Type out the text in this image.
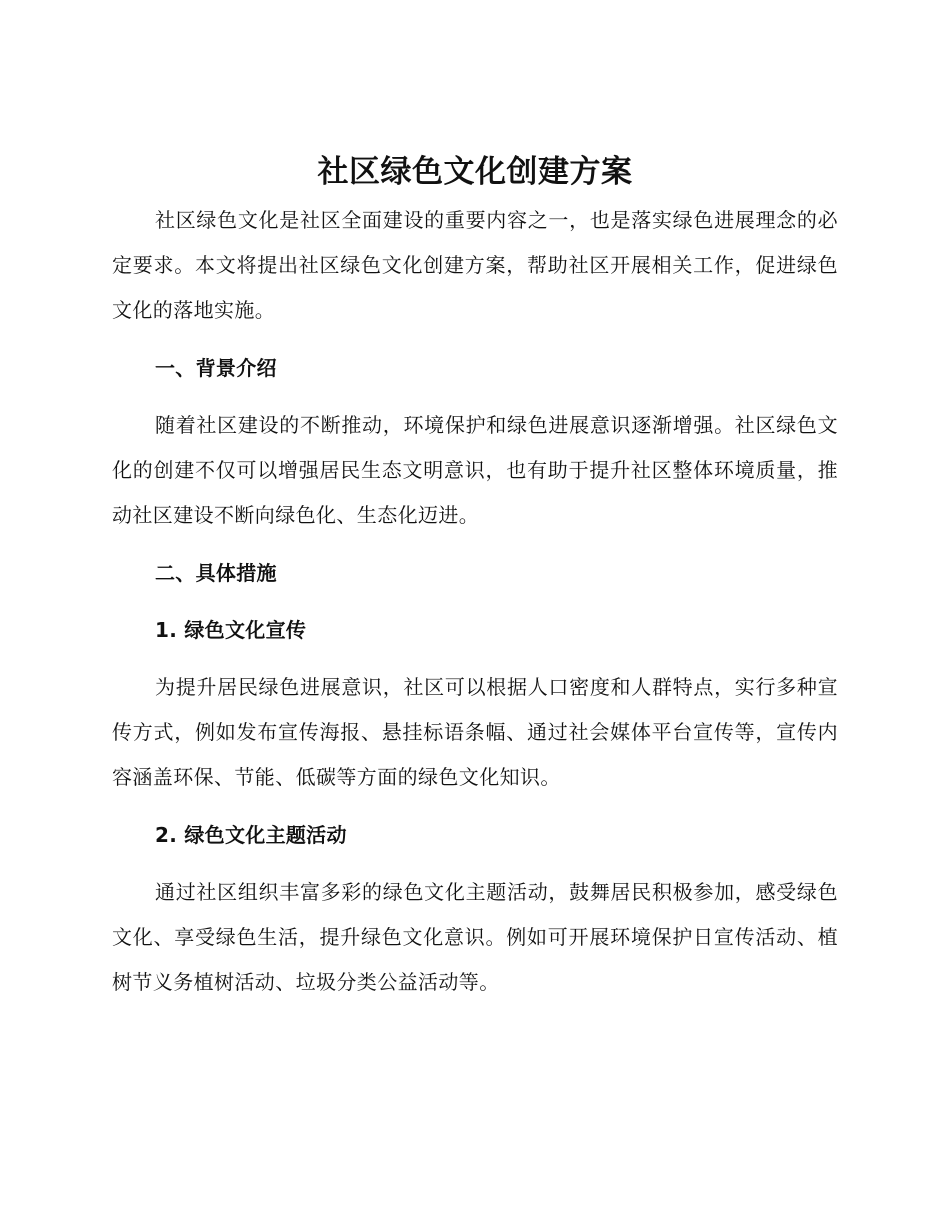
社区绿色文化创建方案

社区绿色文化是社区全面建设的重要内容之一，也是落实绿色进展理念的必定要求。本文将提出社区绿色文化创建方案，帮助社区开展相关工作，促进绿色文化的落地实施。

一、背景介绍

随着社区建设的不断推动，环境保护和绿色进展意识逐渐增强。社区绿色文化的创建不仅可以增强居民生态文明意识，也有助于提升社区整体环境质量，推动社区建设不断向绿色化、生态化迈进。

二、具体措施
1. 绿色文化宣传

为提升居民绿色进展意识，社区可以根据人口密度和人群特点，实行多种宣传方式，例如发布宣传海报、悬挂标语条幅、通过社会媒体平台宣传等，宣传内容涵盖环保、节能、低碳等方面的绿色文化知识。

2. 绿色文化主题活动

通过社区组织丰富多彩的绿色文化主题活动，鼓舞居民积极参加，感受绿色文化、享受绿色生活，提升绿色文化意识。例如可开展环境保护日宣传活动、植树节义务植树活动、垃圾分类公益活动等。
